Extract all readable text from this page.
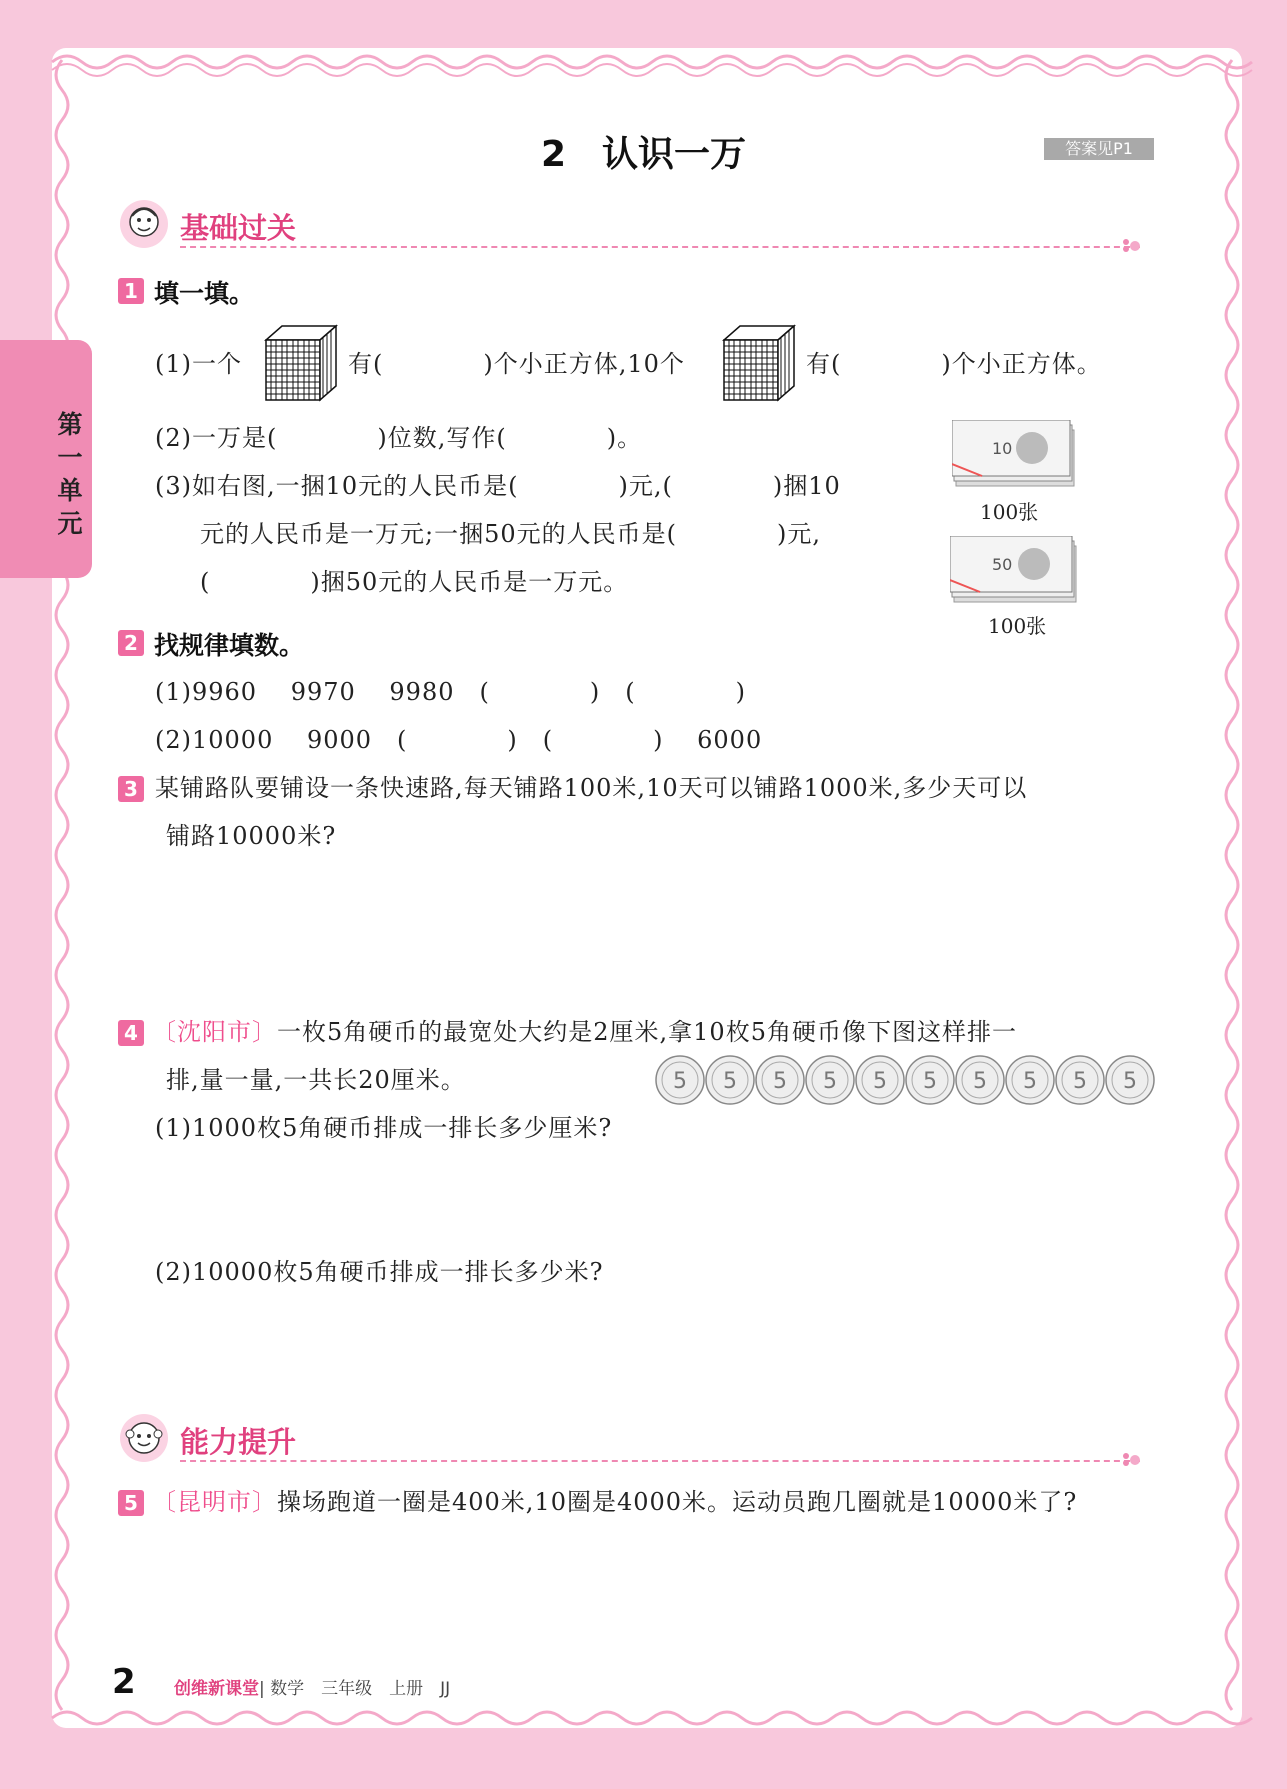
第一单元
2　认识一万	答案见P1
基础过关
1 填一填。
(1)一个	有(　　　　)个小正方体,10个	有(　　　　)个小正方体。
(2)一万是(　　　　)位数,写作(　　　　)。
(3)如右图,一捆10元的人民币是(　　　　)元,(　　　　)捆10
元的人民币是一万元;一捆50元的人民币是(　　　　)元,
(　　　　)捆50元的人民币是一万元。
10
100张
50
100张
2 找规律填数。
(1)9960　 9970　 9980　(　　　　)　(　　　　)
(2)10000　 9000　(　　　　)　(　　　　)　 6000
3 某铺路队要铺设一条快速路,每天铺路100米,10天可以铺路1000米,多少天可以
铺路10000米?
4 〔沈阳市〕一枚5角硬币的最宽处大约是2厘米,拿10枚5角硬币像下图这样排一
排,量一量,一共长20厘米。	5 5 5 5 5 5 5 5 5 5
(1)1000枚5角硬币排成一排长多少厘米?
(2)10000枚5角硬币排成一排长多少米?
能力提升
5 〔昆明市〕操场跑道一圈是400米,10圈是4000米。运动员跑几圈就是10000米了?
2 创维新课堂| 数学　三年级　上册　JJ
